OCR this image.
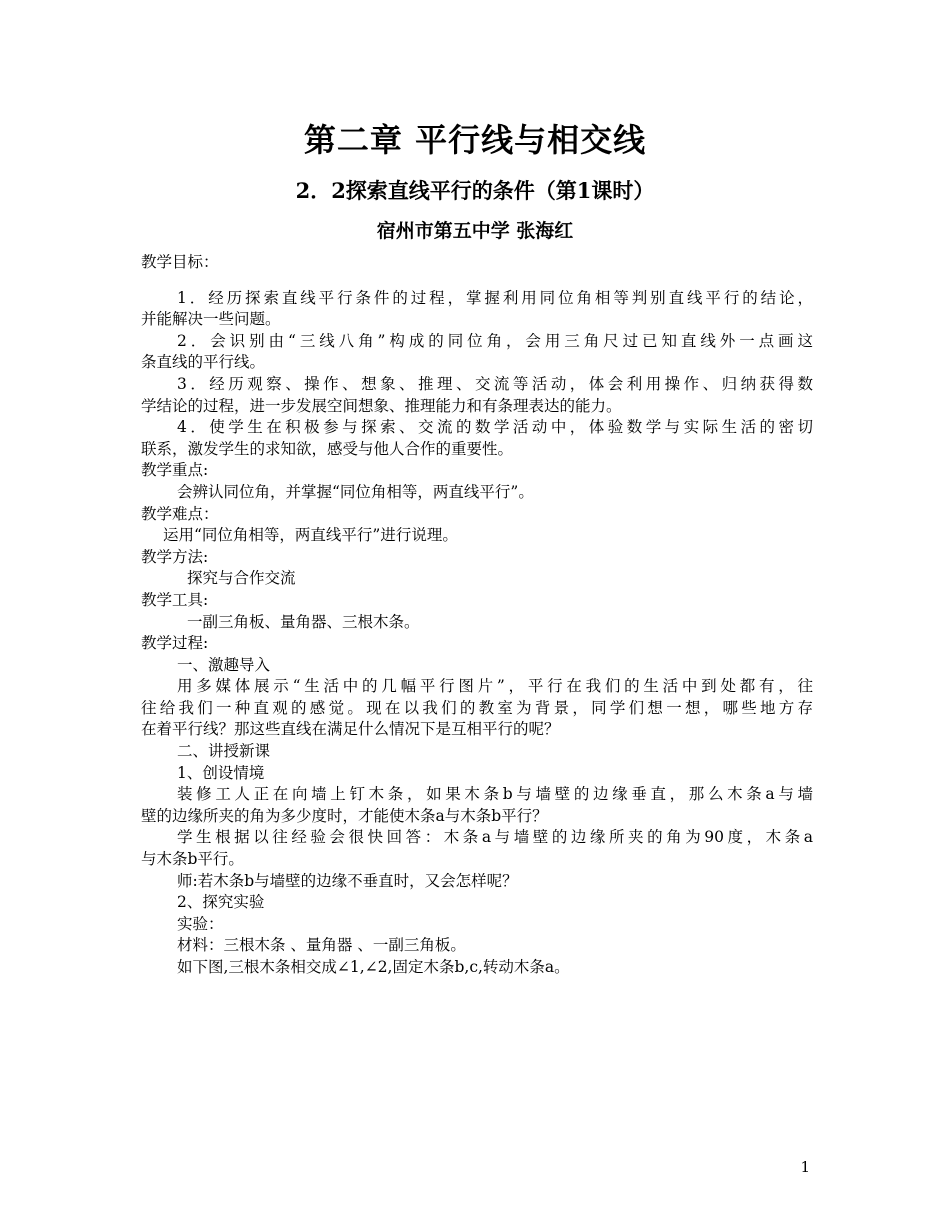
第二章 平行线与相交线
2．2探索直线平行的条件（第1课时）
宿州市第五中学 张海红
教学目标：
1．经历探索直线平行条件的过程，掌握利用同位角相等判别直线平行的结论，
并能解决一些问题。
2．会识别由“三线八角”构成的同位角，会用三角尺过已知直线外一点画这
条直线的平行线。
3．经历观察、操作、想象、推理、交流等活动，体会利用操作、归纳获得数
学结论的过程，进一步发展空间想象、推理能力和有条理表达的能力。
4．使学生在积极参与探索、交流的数学活动中，体验数学与实际生活的密切
联系，激发学生的求知欲，感受与他人合作的重要性。
教学重点:
会辨认同位角，并掌握“同位角相等，两直线平行”。
教学难点：
运用“同位角相等，两直线平行”进行说理。
教学方法:
探究与合作交流
教学工具:
一副三角板、量角器、三根木条。
教学过程:
一、激趣导入
用多媒体展示“生活中的几幅平行图片”，平行在我们的生活中到处都有，往
往给我们一种直观的感觉。现在以我们的教室为背景，同学们想一想，哪些地方存
在着平行线？那这些直线在满足什么情况下是互相平行的呢？
二、讲授新课
1、创设情境
装修工人正在向墙上钉木条，如果木条b与墙壁的边缘垂直，那么木条a与墙
壁的边缘所夹的角为多少度时，才能使木条a与木条b平行？
学生根据以往经验会很快回答：木条a与墙壁的边缘所夹的角为90度，木条a
与木条b平行。
师:若木条b与墙壁的边缘不垂直时，又会怎样呢？
2、探究实验
实验：
材料：三根木条 、量角器 、一副三角板。
如下图,三根木条相交成∠1,∠2,固定木条b,c,转动木条a。
1
